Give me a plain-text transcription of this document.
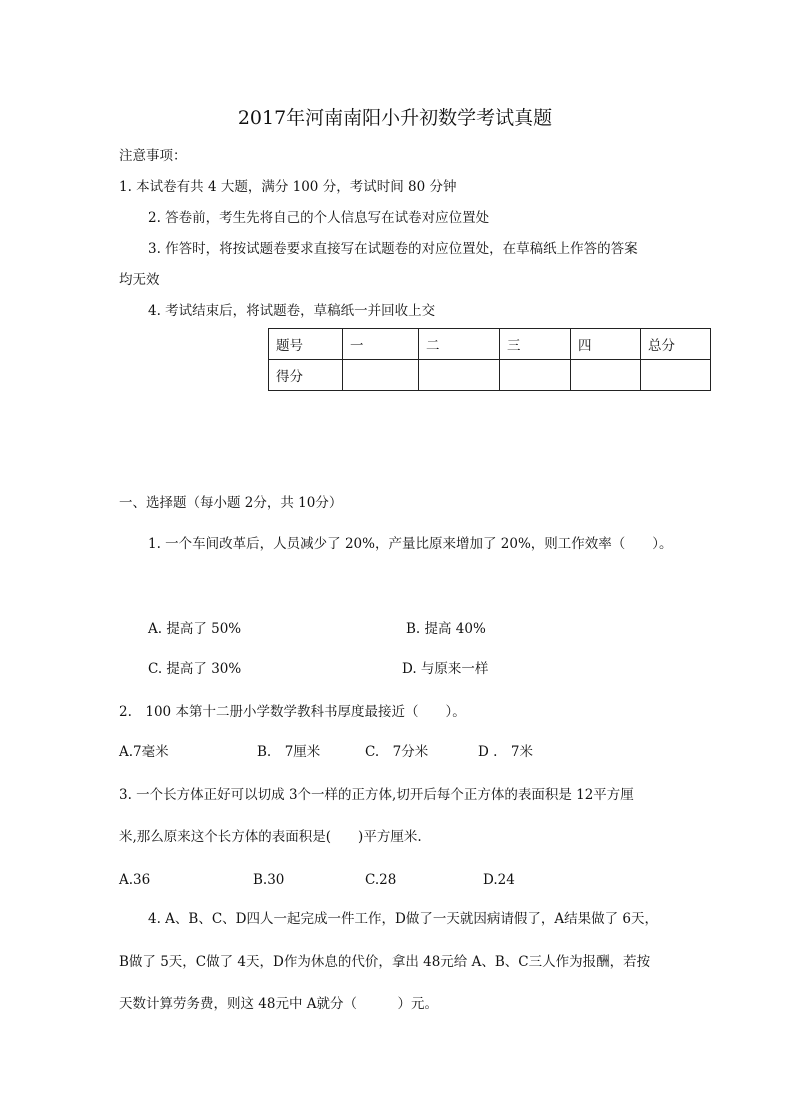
2017年河南南阳小升初数学考试真题
注意事项：
1. 本试卷有共 4 大题，满分 100 分，考试时间 80 分钟
2. 答卷前，考生先将自己的个人信息写在试卷对应位置处
3. 作答时，将按试题卷要求直接写在试题卷的对应位置处，在草稿纸上作答的答案
均无效
4. 考试结束后，将试题卷，草稿纸一并回收上交
题号	一	二	三	四	总分
得分					
一、选择题（每小题 2分，共 10分）
1. 一个车间改革后，人员减少了 20%，产量比原来增加了 20%，则工作效率（　　）。
A. 提高了 50%	B. 提高 40%
C. 提高了 30%	D. 与原来一样
2.　100 本第十二册小学数学教科书厚度最接近（　　）。
A.7毫米	B.　7厘米	C.　7分米	D .　7米
3. 一个长方体正好可以切成 3个一样的正方体,切开后每个正方体的表面积是 12平方厘
米,那么原来这个长方体的表面积是(　　)平方厘米.
A.36	B.30	C.28	D.24
4. A、B、C、D四人一起完成一件工作，D做了一天就因病请假了，A结果做了 6天，
B做了 5天，C做了 4天，D作为休息的代价，拿出 48元给 A、B、C三人作为报酬，若按
天数计算劳务费，则这 48元中 A就分（　　　）元。
